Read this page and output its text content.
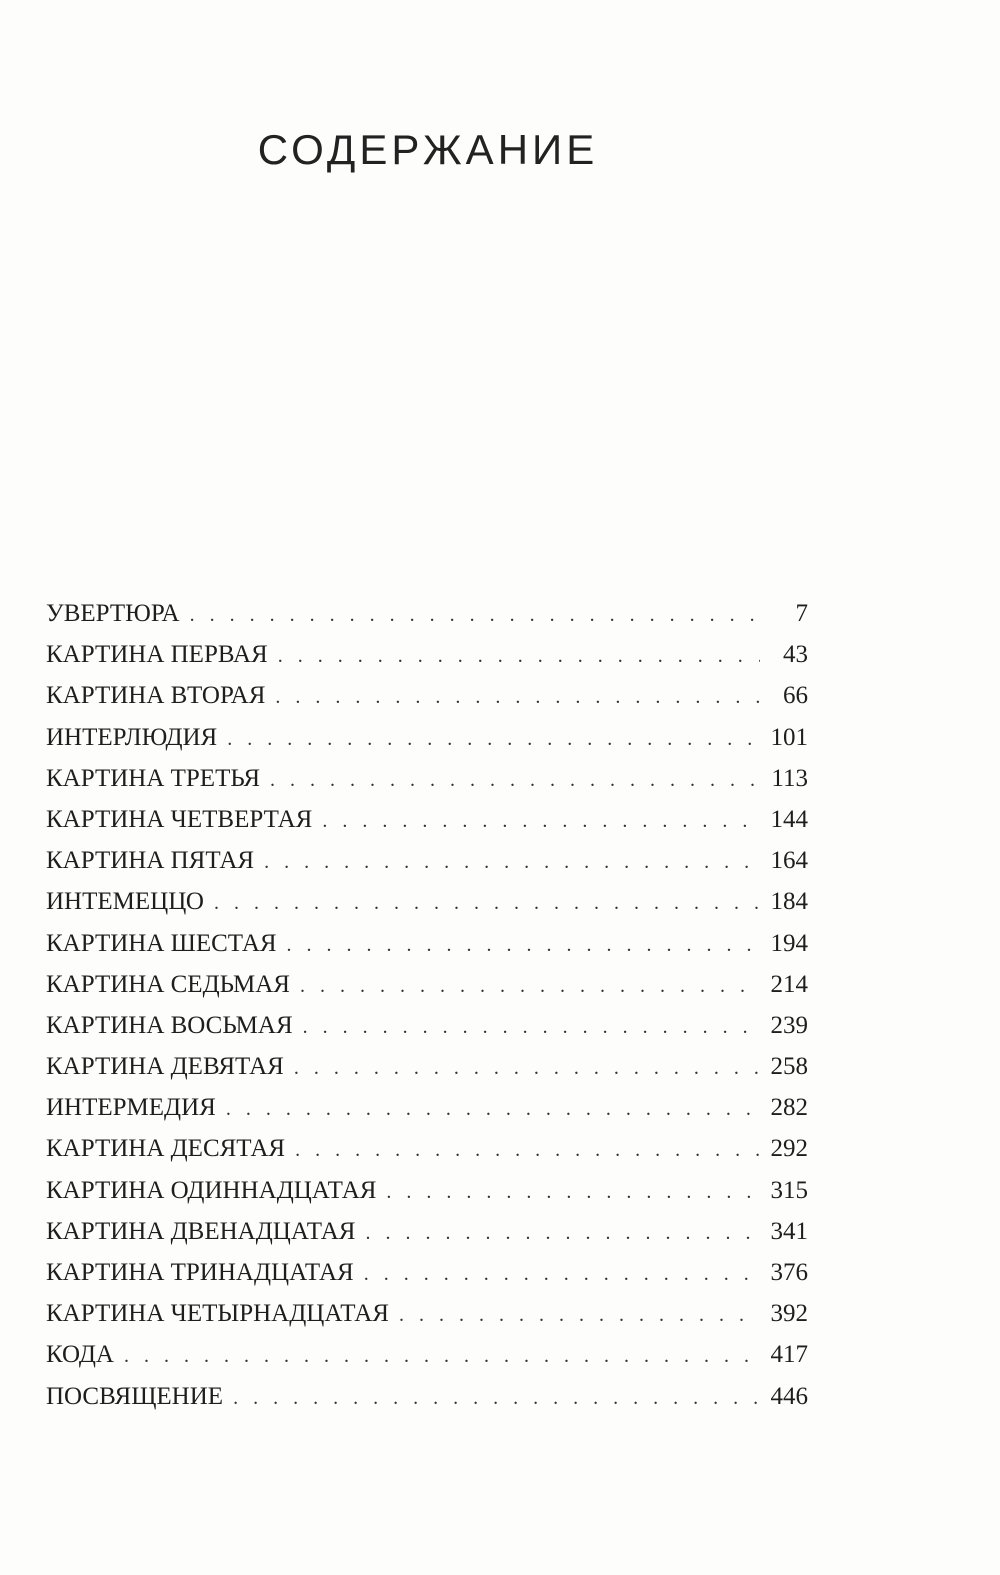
СОДЕРЖАНИЕ
УВЕРТЮРА . . .	7
КАРТИНА ПЕРВАЯ . . .	43
КАРТИНА ВТОРАЯ . . .	66
ИНТЕРЛЮДИЯ . . .	101
КАРТИНА ТРЕТЬЯ . . .	113
КАРТИНА ЧЕТВЕРТАЯ . . .	144
КАРТИНА ПЯТАЯ . . .	164
ИНТЕМЕЦЦО . . .	184
КАРТИНА ШЕСТАЯ . . .	194
КАРТИНА СЕДЬМАЯ . . .	214
КАРТИНА ВОСЬМАЯ . . .	239
КАРТИНА ДЕВЯТАЯ . . .	258
ИНТЕРМЕДИЯ . . .	282
КАРТИНА ДЕСЯТАЯ . . .	292
КАРТИНА ОДИННАДЦАТАЯ . . .	315
КАРТИНА ДВЕНАДЦАТАЯ . . .	341
КАРТИНА ТРИНАДЦАТАЯ . . .	376
КАРТИНА ЧЕТЫРНАДЦАТАЯ . . .	392
КОДА . . .	417
ПОСВЯЩЕНИЕ . . .	446
